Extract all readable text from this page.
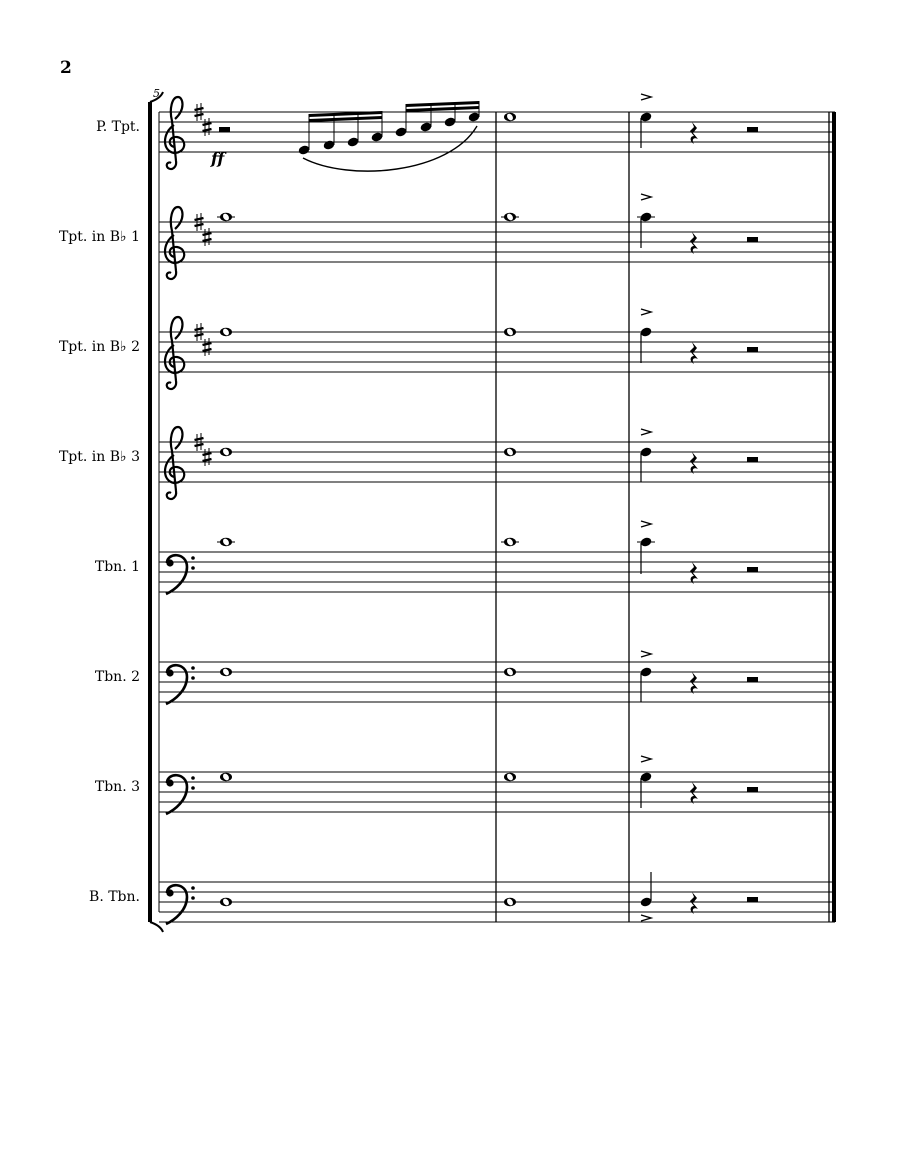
2
P. Tpt.
Tpt. in B♭ 1
Tpt. in B♭ 2
Tpt. in B♭ 3
Tbn. 1
Tbn. 2
Tbn. 3
B. Tbn.
5
ff
